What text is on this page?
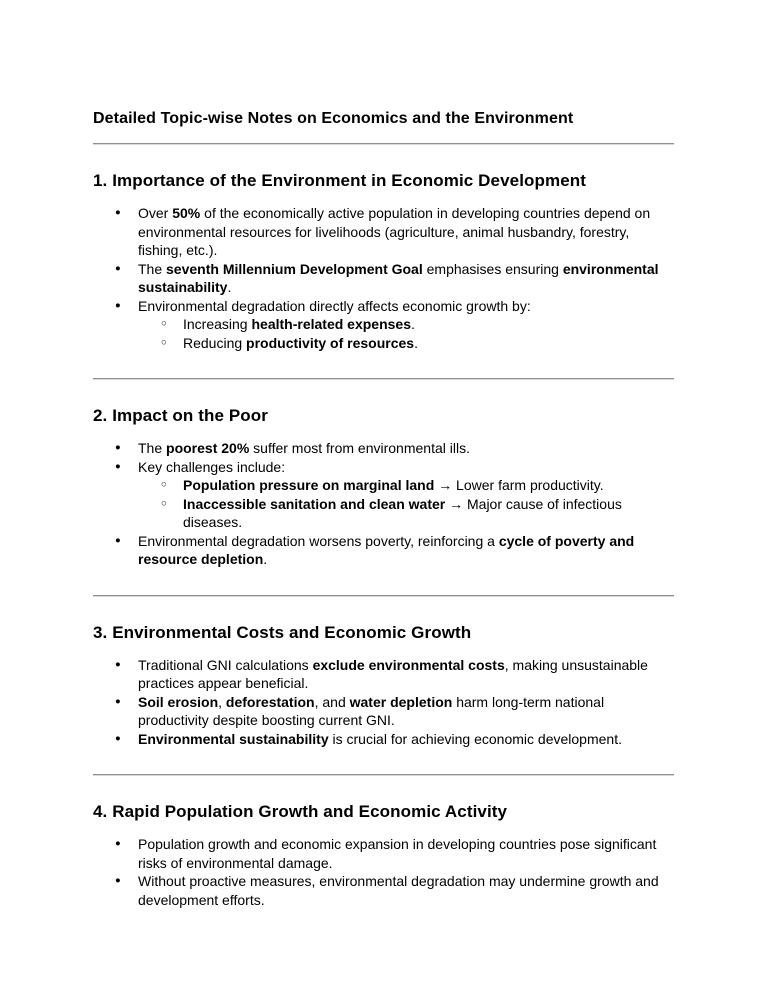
Detailed Topic-wise Notes on Economics and the Environment
1. Importance of the Environment in Economic Development
● Over 50% of the economically active population in developing countries depend on environmental resources for livelihoods (agriculture, animal husbandry, forestry, fishing, etc.).
● The seventh Millennium Development Goal emphasises ensuring environmental sustainability.
● Environmental degradation directly affects economic growth by:
○ Increasing health-related expenses.
○ Reducing productivity of resources.
2. Impact on the Poor
● The poorest 20% suffer most from environmental ills.
● Key challenges include:
○ Population pressure on marginal land → Lower farm productivity.
○ Inaccessible sanitation and clean water → Major cause of infectious diseases.
● Environmental degradation worsens poverty, reinforcing a cycle of poverty and resource depletion.
3. Environmental Costs and Economic Growth
● Traditional GNI calculations exclude environmental costs, making unsustainable practices appear beneficial.
● Soil erosion, deforestation, and water depletion harm long-term national productivity despite boosting current GNI.
● Environmental sustainability is crucial for achieving economic development.
4. Rapid Population Growth and Economic Activity
● Population growth and economic expansion in developing countries pose significant risks of environmental damage.
● Without proactive measures, environmental degradation may undermine growth and development efforts.
